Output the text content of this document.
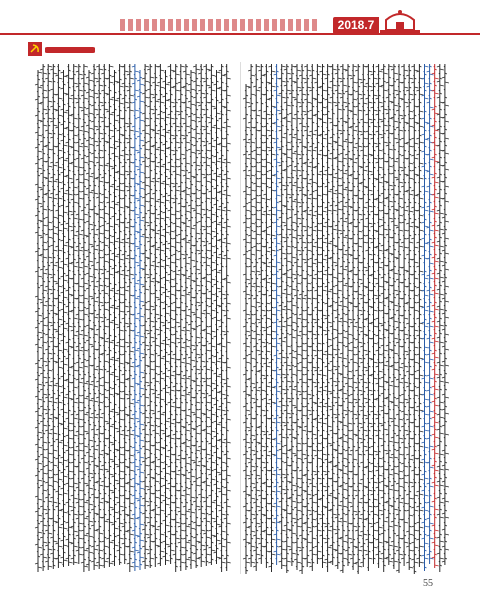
2018.7
55
